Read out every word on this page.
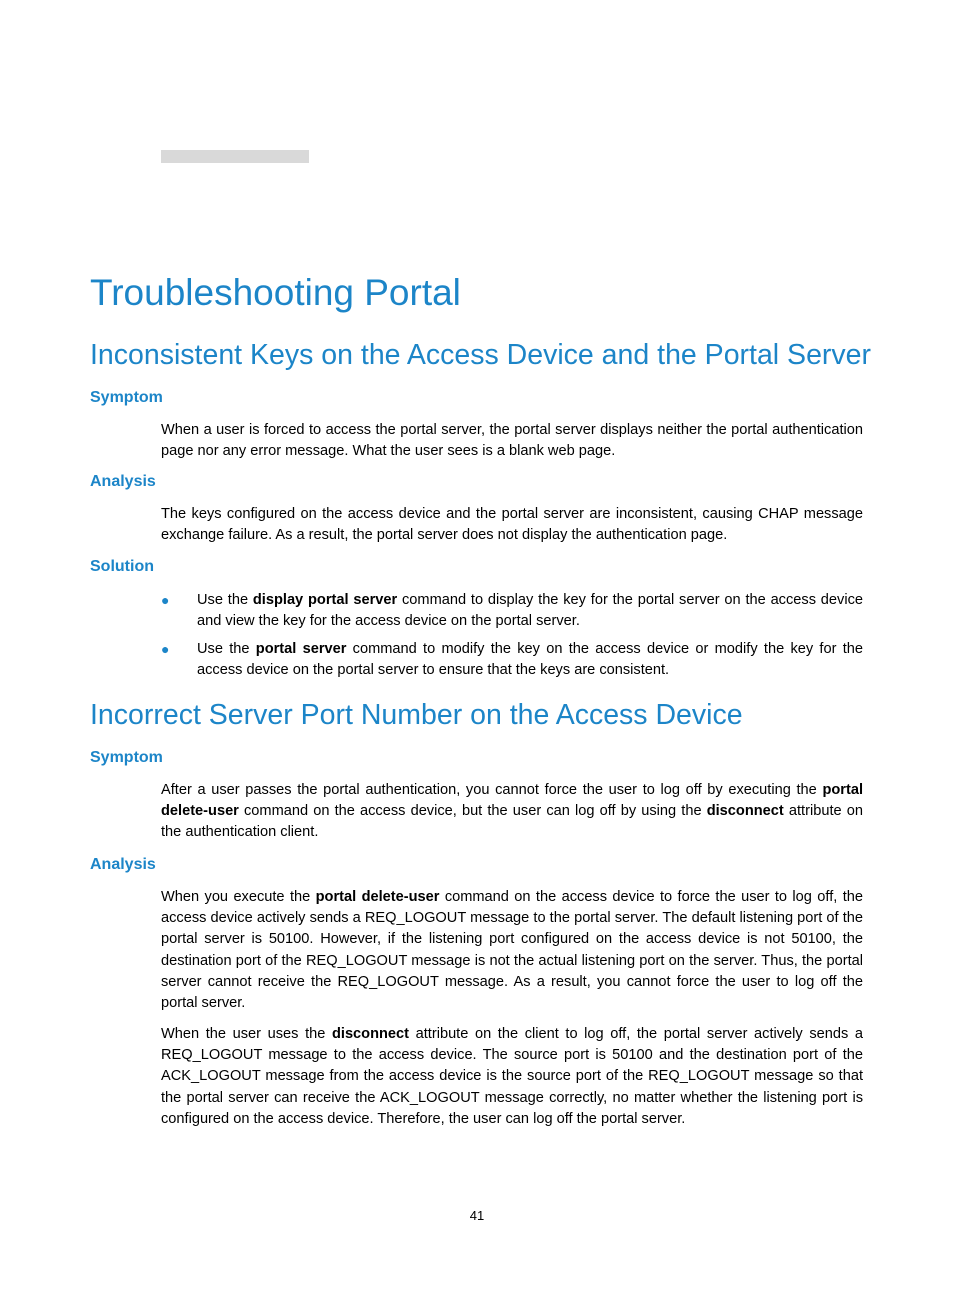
Troubleshooting Portal
Inconsistent Keys on the Access Device and the Portal Server
Symptom

When a user is forced to access the portal server, the portal server displays neither the portal authentication page nor any error message. What the user sees is a blank web page.

Analysis

The keys configured on the access device and the portal server are inconsistent, causing CHAP message exchange failure. As a result, the portal server does not display the authentication page.

Solution
● Use the display portal server command to display the key for the portal server on the access device and view the key for the access device on the portal server.

● Use the portal server command to modify the key on the access device or modify the key for the access device on the portal server to ensure that the keys are consistent.

Incorrect Server Port Number on the Access Device
Symptom

After a user passes the portal authentication, you cannot force the user to log off by executing the portal delete-user command on the access device, but the user can log off by using the disconnect attribute on the authentication client.

Analysis

When you execute the portal delete-user command on the access device to force the user to log off, the access device actively sends a REQ_LOGOUT message to the portal server. The default listening port of the portal server is 50100. However, if the listening port configured on the access device is not 50100, the destination port of the REQ_LOGOUT message is not the actual listening port on the server. Thus, the portal server cannot receive the REQ_LOGOUT message. As a result, you cannot force the user to log off the portal server.

When the user uses the disconnect attribute on the client to log off, the portal server actively sends a REQ_LOGOUT message to the access device. The source port is 50100 and the destination port of the ACK_LOGOUT message from the access device is the source port of the REQ_LOGOUT message so that the portal server can receive the ACK_LOGOUT message correctly, no matter whether the listening port is configured on the access device. Therefore, the user can log off the portal server.

41
